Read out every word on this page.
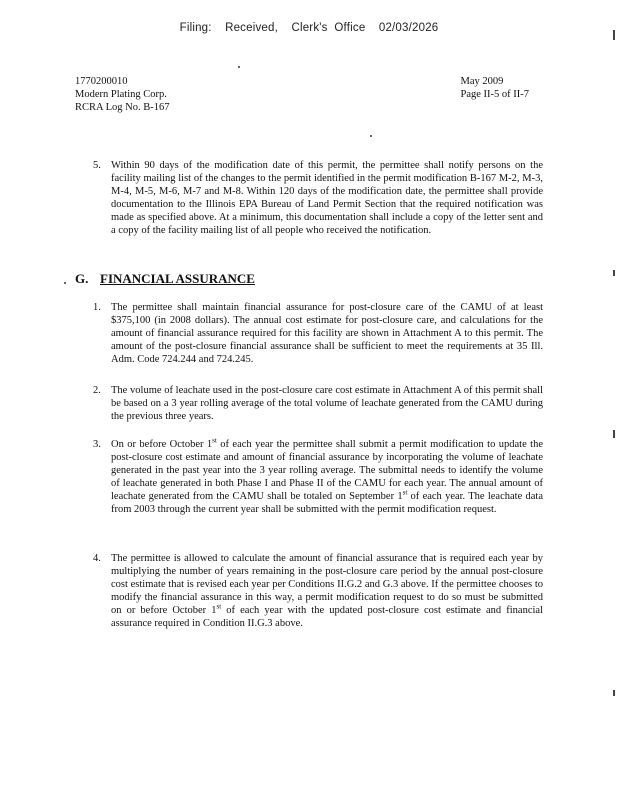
Filing: Received, Clerk's  Office 02/03/2026
1770200010
Modern Plating Corp.
RCRA Log No. B-167
May 2009
Page II-5 of II-7
5. Within 90 days of the modification date of this permit, the permittee shall notify persons on the facility mailing list of the changes to the permit identified in the permit modification B-167 M-2, M-3, M-4, M-5, M-6, M-7 and M-8. Within 120 days of the modification date, the permittee shall provide documentation to the Illinois EPA Bureau of Land Permit Section that the required notification was made as specified above. At a minimum, this documentation shall include a copy of the letter sent and a copy of the facility mailing list of all people who received the notification.
G. FINANCIAL ASSURANCE
1. The permittee shall maintain financial assurance for post-closure care of the CAMU of at least $375,100 (in 2008 dollars). The annual cost estimate for post-closure care, and calculations for the amount of financial assurance required for this facility are shown in Attachment A to this permit. The amount of the post-closure financial assurance shall be sufficient to meet the requirements at 35 Ill. Adm. Code 724.244 and 724.245.
2. The volume of leachate used in the post-closure care cost estimate in Attachment A of this permit shall be based on a 3 year rolling average of the total volume of leachate generated from the CAMU during the previous three years.
3. On or before October 1st of each year the permittee shall submit a permit modification to update the post-closure cost estimate and amount of financial assurance by incorporating the volume of leachate generated in the past year into the 3 year rolling average. The submittal needs to identify the volume of leachate generated in both Phase I and Phase II of the CAMU for each year. The annual amount of leachate generated from the CAMU shall be totaled on September 1st of each year. The leachate data from 2003 through the current year shall be submitted with the permit modification request.
4. The permittee is allowed to calculate the amount of financial assurance that is required each year by multiplying the number of years remaining in the post-closure care period by the annual post-closure cost estimate that is revised each year per Conditions II.G.2 and G.3 above. If the permittee chooses to modify the financial assurance in this way, a permit modification request to do so must be submitted on or before October 1st of each year with the updated post-closure cost estimate and financial assurance required in Condition II.G.3 above.
